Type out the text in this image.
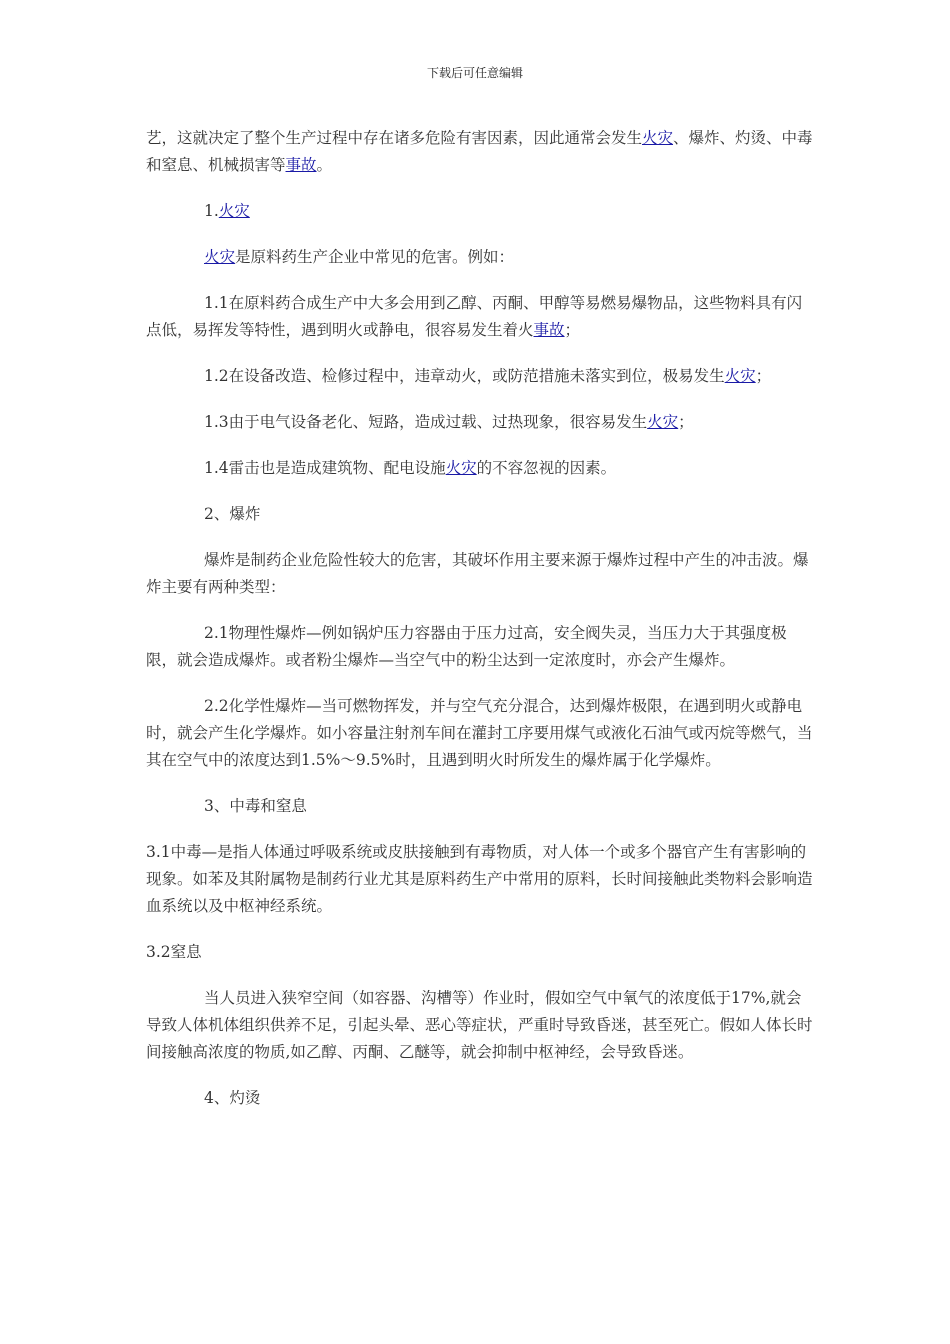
下载后可任意编辑

艺，这就决定了整个生产过程中存在诸多危险有害因素，因此通常会发生火灾、爆炸、灼烫、中毒和窒息、机械损害等事故。

1.火灾

火灾是原料药生产企业中常见的危害。例如：

1.1在原料药合成生产中大多会用到乙醇、丙酮、甲醇等易燃易爆物品，这些物料具有闪点低，易挥发等特性，遇到明火或静电，很容易发生着火事故；

1.2在设备改造、检修过程中，违章动火，或防范措施未落实到位，极易发生火灾；

1.3由于电气设备老化、短路，造成过载、过热现象，很容易发生火灾；

1.4雷击也是造成建筑物、配电设施火灾的不容忽视的因素。

2、爆炸

爆炸是制药企业危险性较大的危害，其破坏作用主要来源于爆炸过程中产生的冲击波。爆炸主要有两种类型：

2.1物理性爆炸—例如锅炉压力容器由于压力过高，安全阀失灵，当压力大于其强度极限，就会造成爆炸。或者粉尘爆炸—当空气中的粉尘达到一定浓度时，亦会产生爆炸。

2.2化学性爆炸—当可燃物挥发，并与空气充分混合，达到爆炸极限，在遇到明火或静电时，就会产生化学爆炸。如小容量注射剂车间在灌封工序要用煤气或液化石油气或丙烷等燃气，当其在空气中的浓度达到1.5%～9.5%时，且遇到明火时所发生的爆炸属于化学爆炸。

3、中毒和窒息

3.1中毒—是指人体通过呼吸系统或皮肤接触到有毒物质，对人体一个或多个器官产生有害影响的现象。如苯及其附属物是制药行业尤其是原料药生产中常用的原料，长时间接触此类物料会影响造血系统以及中枢神经系统。

3.2窒息

当人员进入狭窄空间（如容器、沟槽等）作业时，假如空气中氧气的浓度低于17%,就会导致人体机体组织供养不足，引起头晕、恶心等症状，严重时导致昏迷，甚至死亡。假如人体长时间接触高浓度的物质,如乙醇、丙酮、乙醚等，就会抑制中枢神经，会导致昏迷。

4、灼烫
